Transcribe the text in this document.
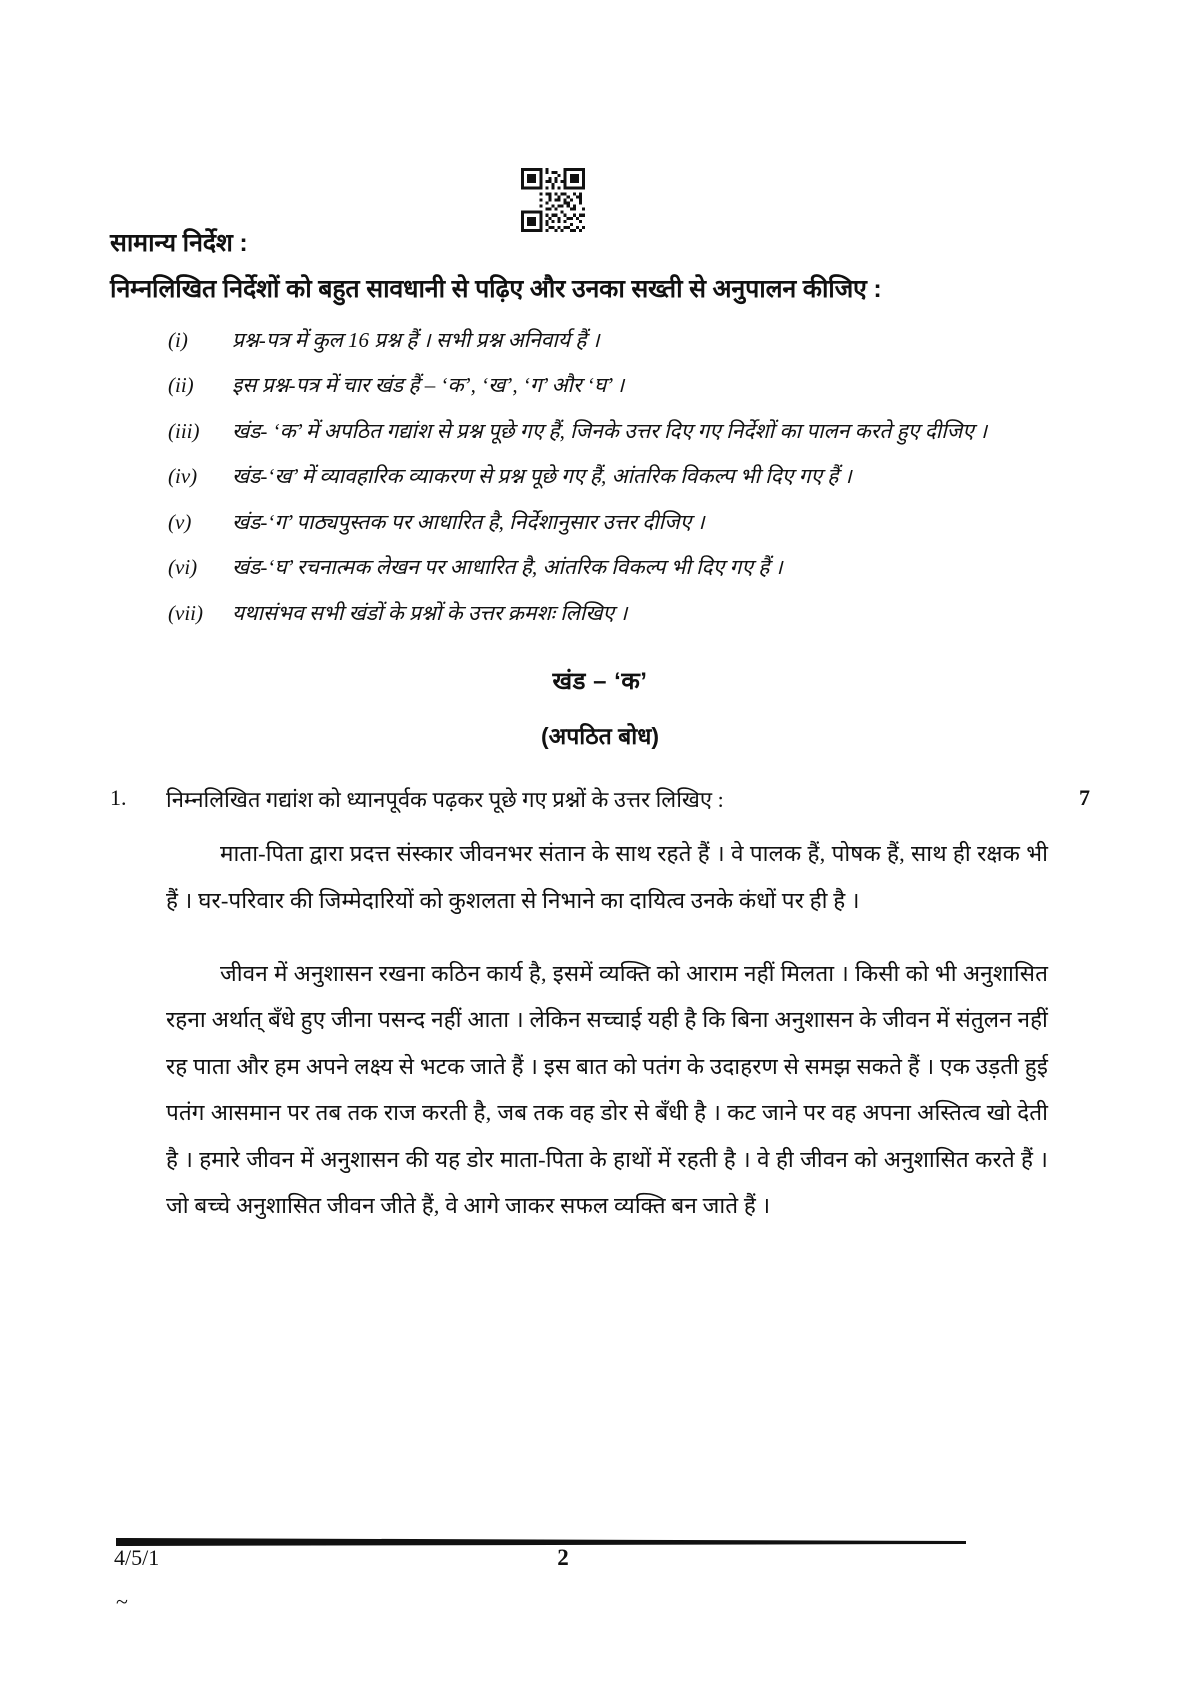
सामान्य निर्देश :
निम्नलिखित निर्देशों को बहुत सावधानी से पढ़िए और उनका सख्ती से अनुपालन कीजिए :
(i)	प्रश्न-पत्र में कुल 16 प्रश्न हैं । सभी प्रश्न अनिवार्य हैं ।
(ii)	इस प्रश्न-पत्र में चार खंड हैं – ‘क’, ‘ख’, ‘ग’ और ‘घ’ ।
(iii)	खंड- ‘क’ में अपठित गद्यांश से प्रश्न पूछे गए हैं, जिनके उत्तर दिए गए निर्देशों का पालन करते हुए दीजिए ।
(iv)	खंड-‘ख’ में व्यावहारिक व्याकरण से प्रश्न पूछे गए हैं, आंतरिक विकल्प भी दिए गए हैं ।
(v)	खंड-‘ग’ पाठ्यपुस्तक पर आधारित है, निर्देशानुसार उत्तर दीजिए ।
(vi)	खंड-‘घ’ रचनात्मक लेखन पर आधारित है, आंतरिक विकल्प भी दिए गए हैं ।
(vii)	यथासंभव सभी खंडों के प्रश्नों के उत्तर क्रमशः लिखिए ।
खंड – ‘क’
(अपठित बोध)
1.	निम्नलिखित गद्यांश को ध्यानपूर्वक पढ़कर पूछे गए प्रश्नों के उत्तर लिखिए :	7

माता-पिता द्वारा प्रदत्त संस्कार जीवनभर संतान के साथ रहते हैं । वे पालक हैं, पोषक हैं, साथ ही रक्षक भी हैं । घर-परिवार की जिम्मेदारियों को कुशलता से निभाने का दायित्व उनके कंधों पर ही है ।

जीवन में अनुशासन रखना कठिन कार्य है, इसमें व्यक्ति को आराम नहीं मिलता । किसी को भी अनुशासित रहना अर्थात् बँधे हुए जीना पसन्द नहीं आता । लेकिन सच्चाई यही है कि बिना अनुशासन के जीवन में संतुलन नहीं रह पाता और हम अपने लक्ष्य से भटक जाते हैं । इस बात को पतंग के उदाहरण से समझ सकते हैं । एक उड़ती हुई पतंग आसमान पर तब तक राज करती है, जब तक वह डोर से बँधी है । कट जाने पर वह अपना अस्तित्व खो देती है । हमारे जीवन में अनुशासन की यह डोर माता-पिता के हाथों में रहती है । वे ही जीवन को अनुशासित करते हैं । जो बच्चे अनुशासित जीवन जीते हैं, वे आगे जाकर सफल व्यक्ति बन जाते हैं ।

4/5/1	2
~
